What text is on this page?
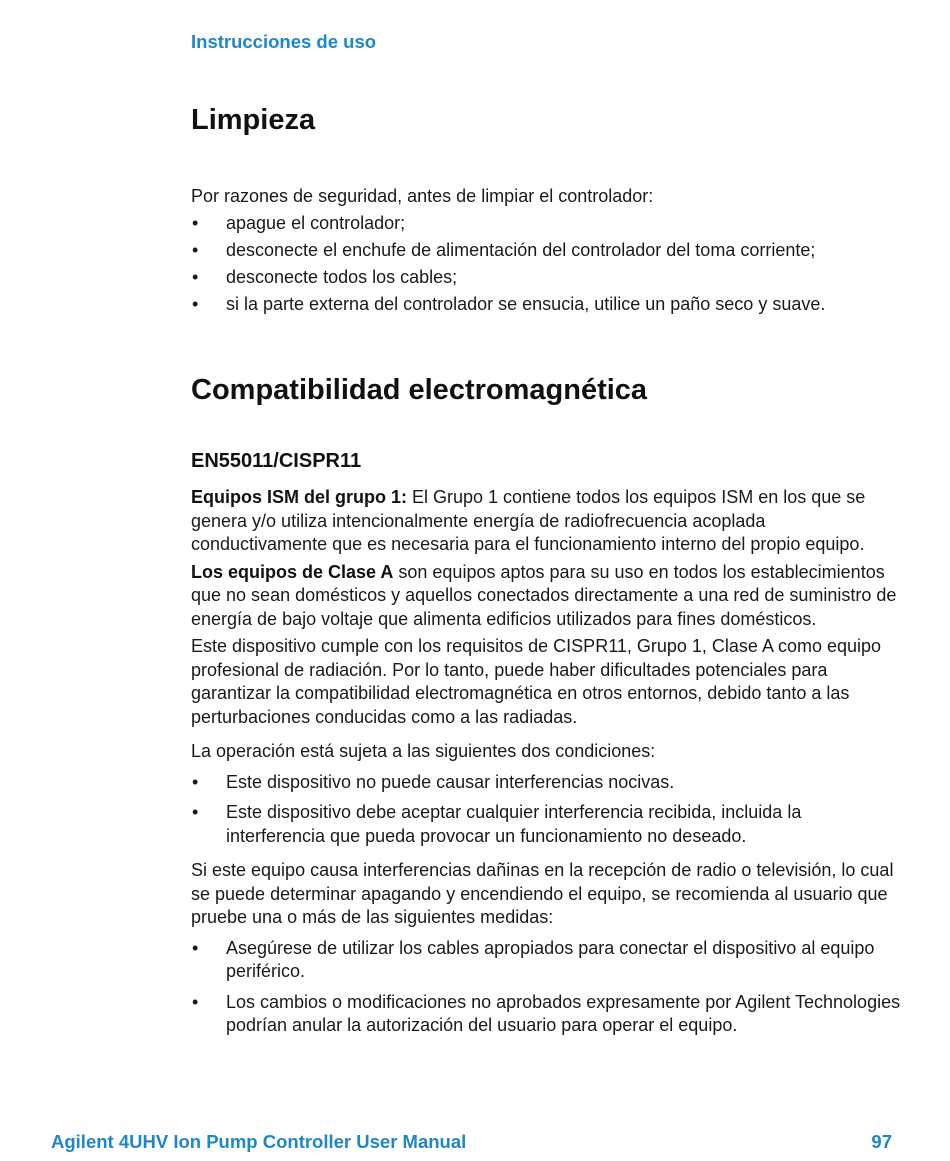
Instrucciones de uso
Limpieza

Por razones de seguridad, antes de limpiar el controlador:

• apague el controlador;
• desconecte el enchufe de alimentación del controlador del toma corriente;
• desconecte todos los cables;
• si la parte externa del controlador se ensucia, utilice un paño seco y suave.
Compatibilidad electromagnética
EN55011/CISPR11

Equipos ISM del grupo 1: El Grupo 1 contiene todos los equipos ISM en los que se genera y/o utiliza intencionalmente energía de radiofrecuencia acoplada conductivamente que es necesaria para el funcionamiento interno del propio equipo.

Los equipos de Clase A son equipos aptos para su uso en todos los establecimientos que no sean domésticos y aquellos conectados directamente a una red de suministro de energía de bajo voltaje que alimenta edificios utilizados para fines domésticos.

Este dispositivo cumple con los requisitos de CISPR11, Grupo 1, Clase A como equipo profesional de radiación. Por lo tanto, puede haber dificultades potenciales para garantizar la compatibilidad electromagnética en otros entornos, debido tanto a las perturbaciones conducidas como a las radiadas.

La operación está sujeta a las siguientes dos condiciones:

• Este dispositivo no puede causar interferencias nocivas.
• Este dispositivo debe aceptar cualquier interferencia recibida, incluida la interferencia que pueda provocar un funcionamiento no deseado.

Si este equipo causa interferencias dañinas en la recepción de radio o televisión, lo cual se puede determinar apagando y encendiendo el equipo, se recomienda al usuario que pruebe una o más de las siguientes medidas:

• Asegúrese de utilizar los cables apropiados para conectar el dispositivo al equipo periférico.
• Los cambios o modificaciones no aprobados expresamente por Agilent Technologies podrían anular la autorización del usuario para operar el equipo.
Agilent 4UHV Ion Pump Controller User Manual	97
